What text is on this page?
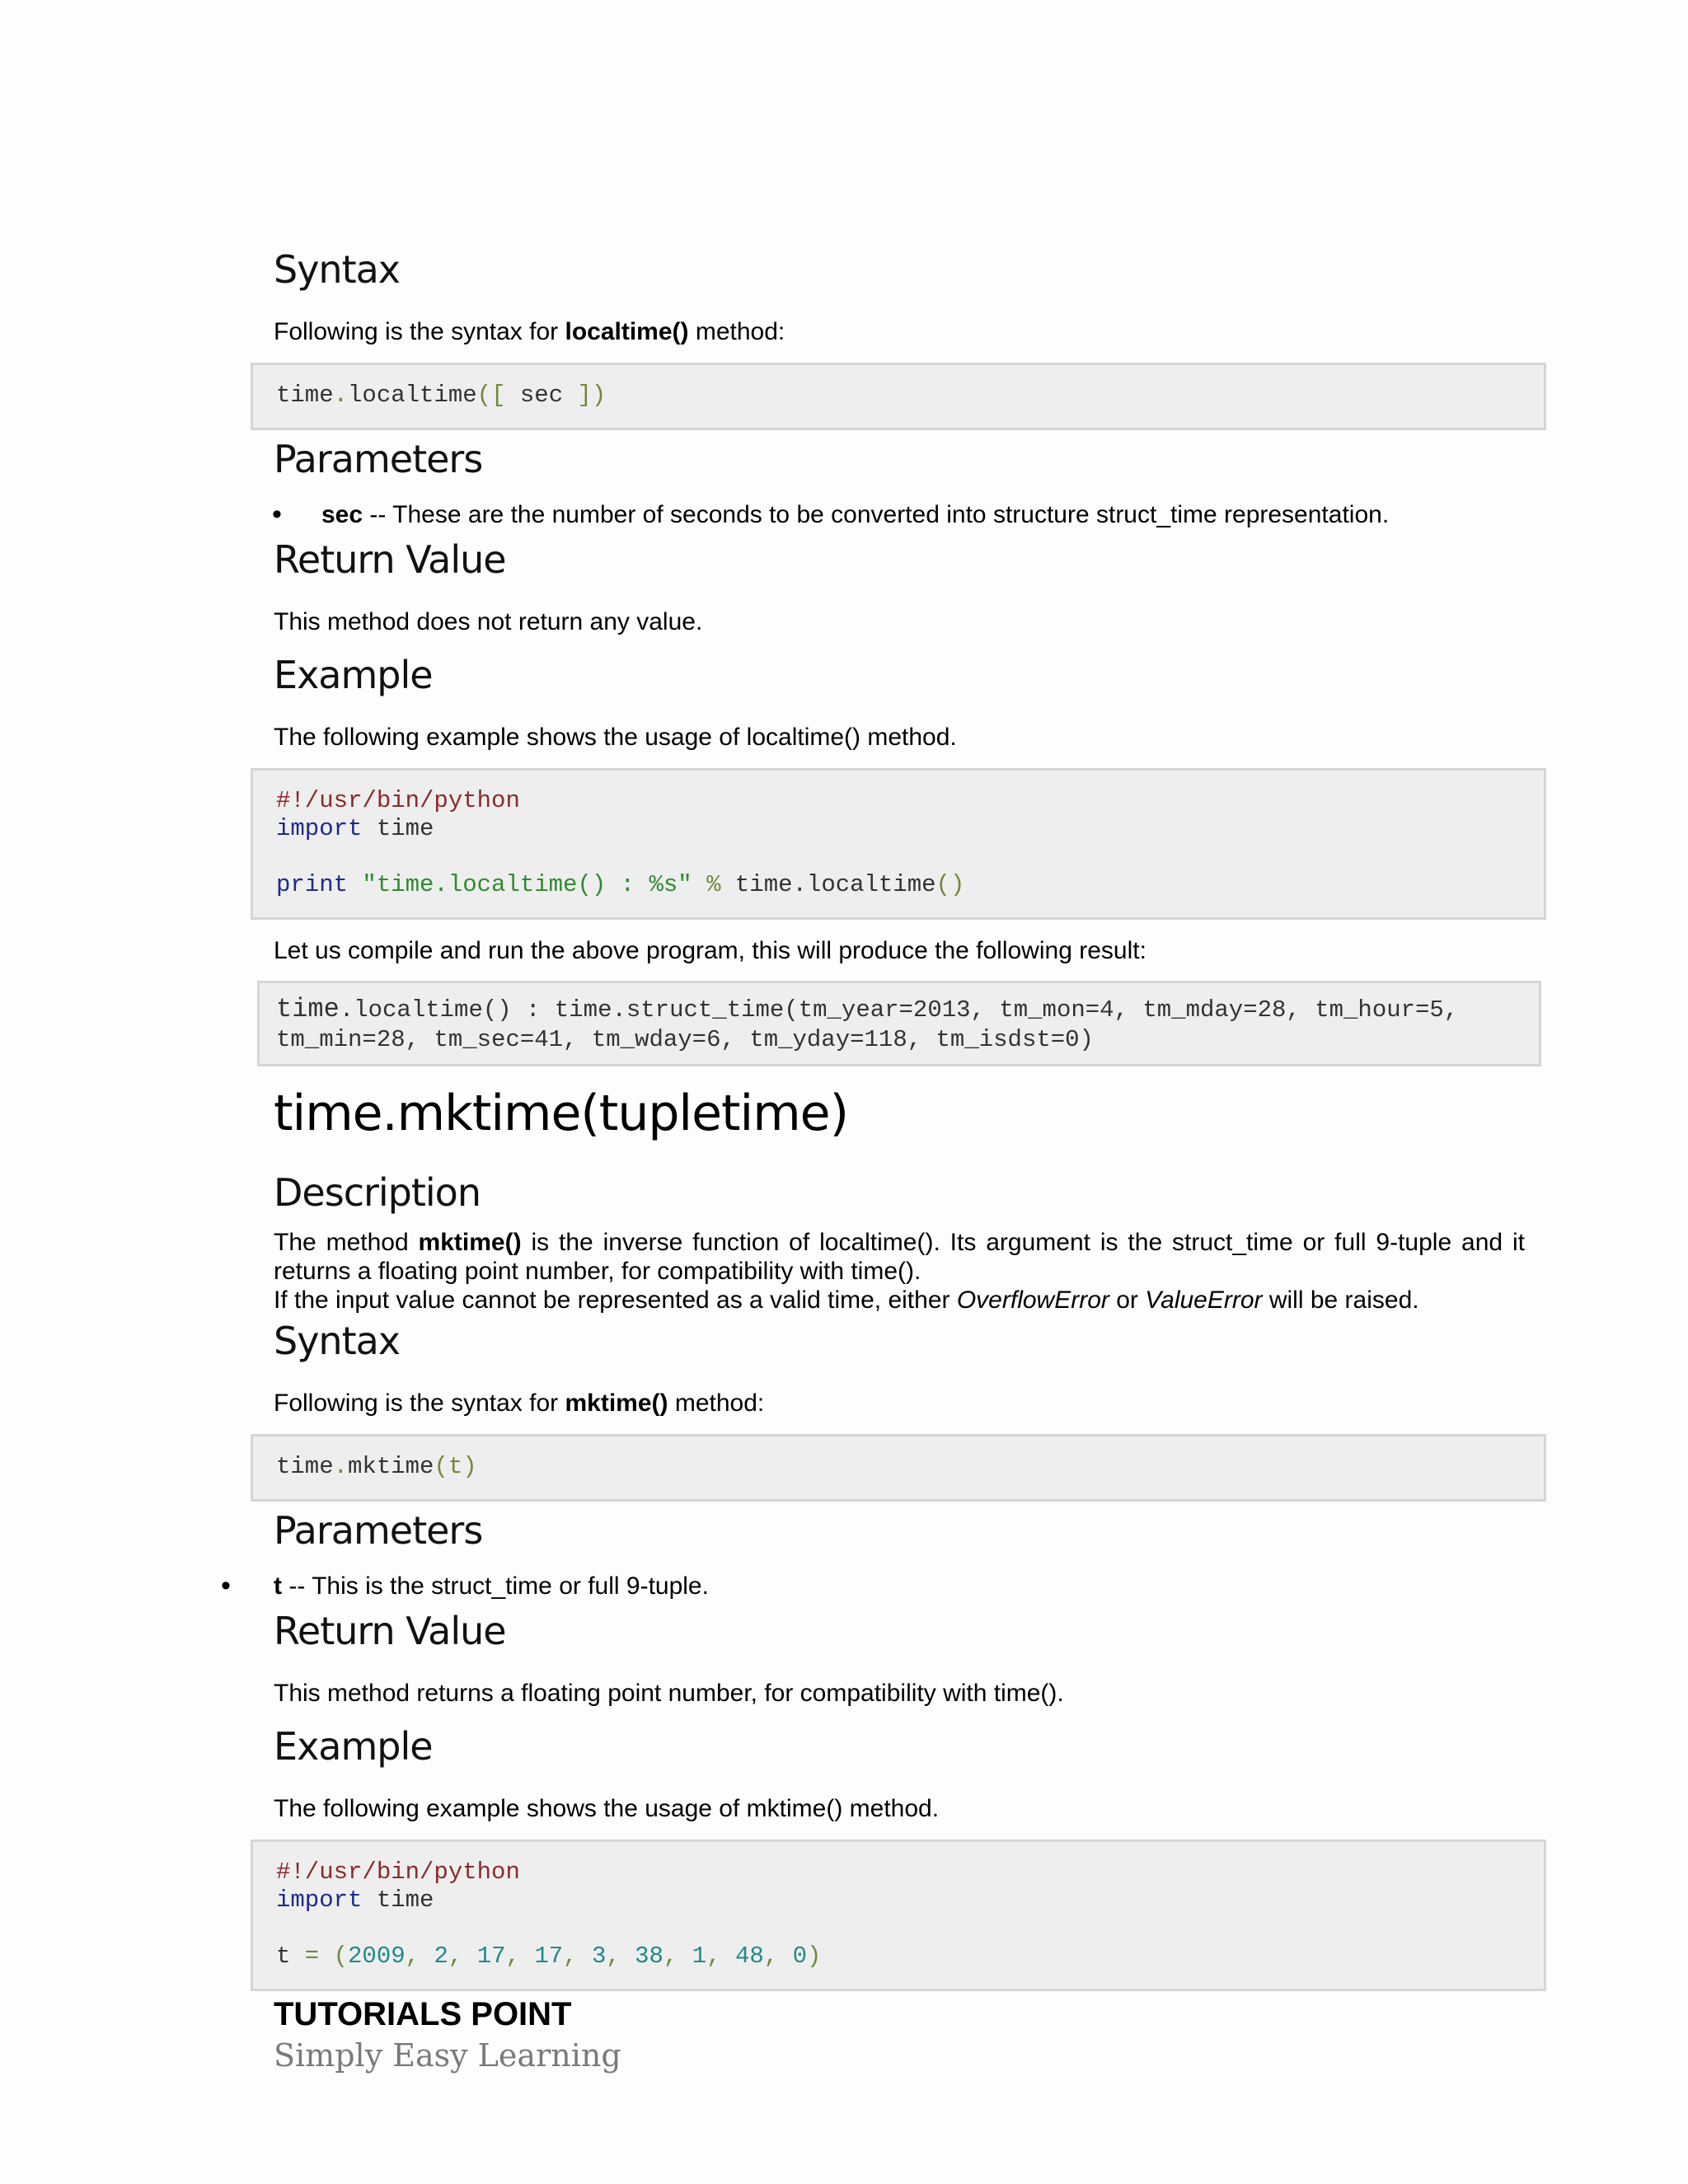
Syntax

Following is the syntax for localtime() method:

time.localtime([ sec ])
Parameters
• sec -- These are the number of seconds to be converted into structure struct_time representation.

Return Value

This method does not return any value.

Example

The following example shows the usage of localtime() method.

#!/usr/bin/python
import time

print "time.localtime() : %s" % time.localtime()

Let us compile and run the above program, this will produce the following result:

time.localtime() : time.struct_time(tm_year=2013, tm_mon=4, tm_mday=28, tm_hour=5,
tm_min=28, tm_sec=41, tm_wday=6, tm_yday=118, tm_isdst=0)
time.mktime(tupletime)
Description

The method mktime() is the inverse function of localtime(). Its argument is the struct_time or full 9-tuple and it returns a floating point number, for compatibility with time().
If the input value cannot be represented as a valid time, either OverflowError or ValueError will be raised.

Syntax

Following is the syntax for mktime() method:

time.mktime(t)
Parameters
• t -- This is the struct_time or full 9-tuple.

Return Value

This method returns a floating point number, for compatibility with time().

Example

The following example shows the usage of mktime() method.

#!/usr/bin/python
import time

t = (2009, 2, 17, 17, 3, 38, 1, 48, 0)
TUTORIALS POINT
Simply Easy Learning
